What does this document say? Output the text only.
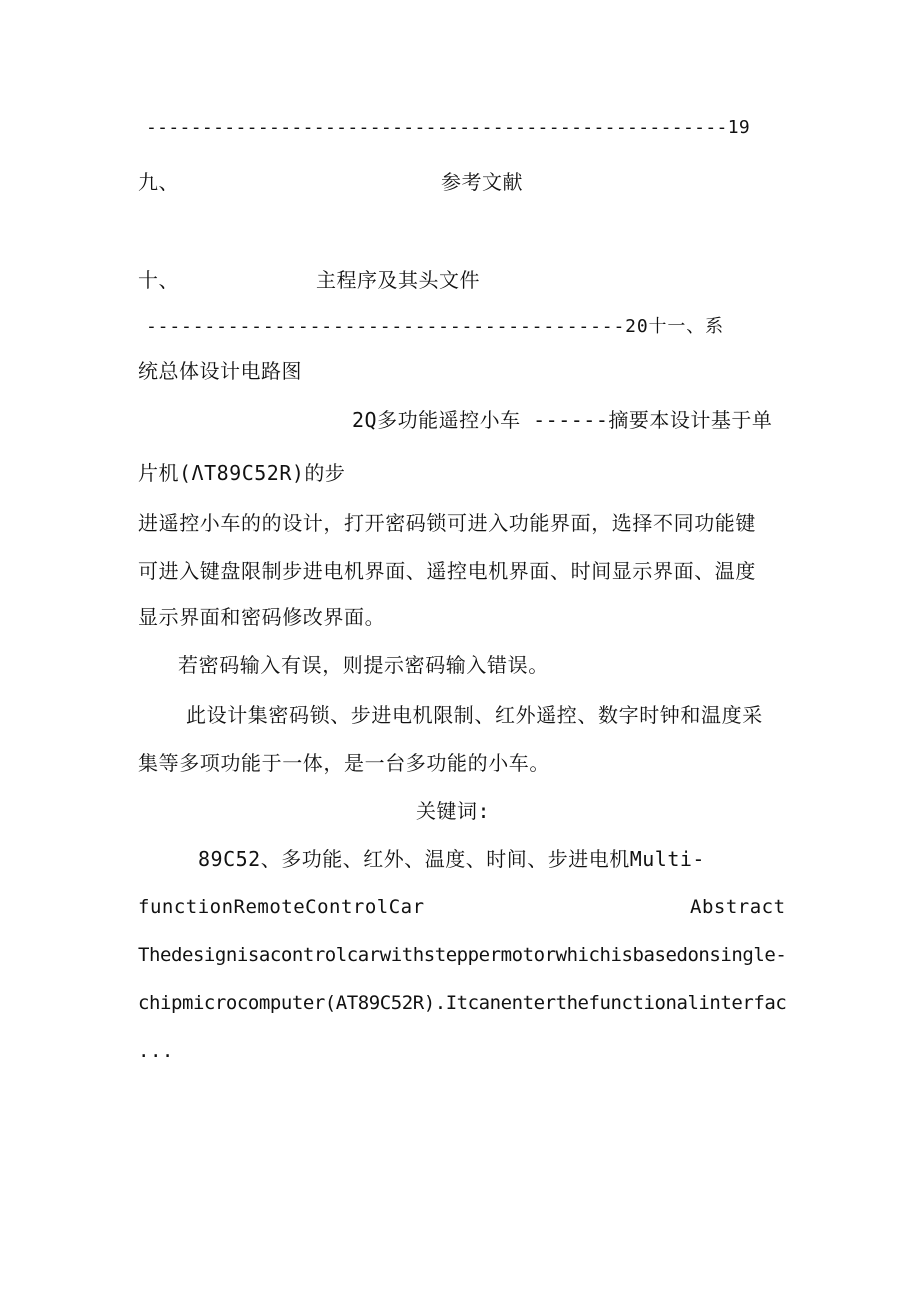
----------------------------------------------------19
九、	参考文献
十、	主程序及其头文件
-----------------------------------------20十一、系
统总体设计电路图
2Q多功能遥控小车 ------摘要本设计基于单
片机(ΛT89C52R)的步
进遥控小车的的设计，打开密码锁可进入功能界面，选择不同功能键
可进入键盘限制步进电机界面、遥控电机界面、时间显示界面、温度
显示界面和密码修改界面。
若密码输入有误，则提示密码输入错误。
此设计集密码锁、步进电机限制、红外遥控、数字时钟和温度采
集等多项功能于一体，是一台多功能的小车。
关键词:
89C52、多功能、红外、温度、时间、步进电机Multi-
functionRemoteControlCar	Abstract
Thedesignisacontrolcarwithsteppermotorwhichisbasedonsingle-
chipmicrocomputer(AT89C52R).Itcanenterthefunctionalinterfac
...
